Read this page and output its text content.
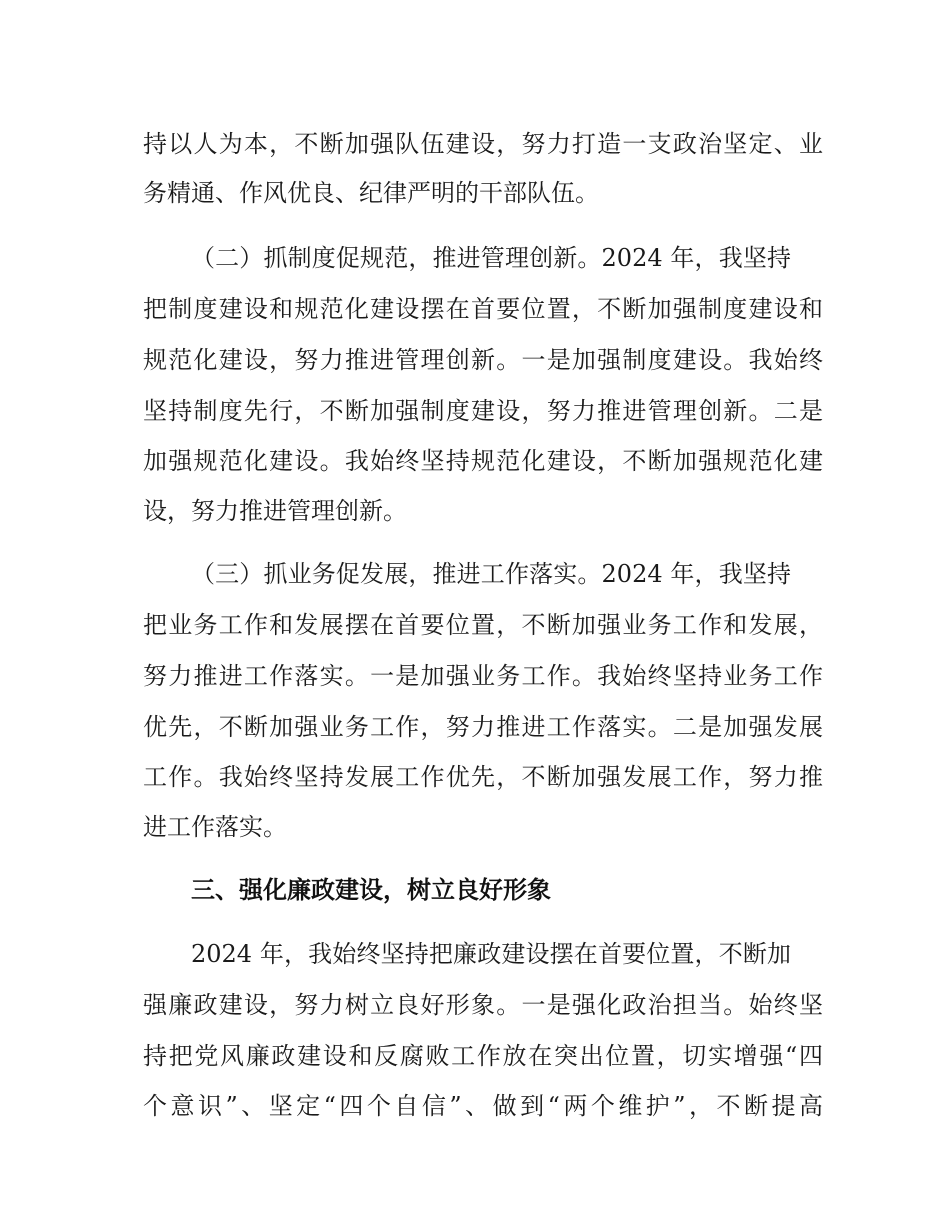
持以人为本，不断加强队伍建设，努力打造一支政治坚定、业
务精通、作风优良、纪律严明的干部队伍。
（二）抓制度促规范，推进管理创新。2024 年，我坚持
把制度建设和规范化建设摆在首要位置，不断加强制度建设和
规范化建设，努力推进管理创新。一是加强制度建设。我始终
坚持制度先行，不断加强制度建设，努力推进管理创新。二是
加强规范化建设。我始终坚持规范化建设，不断加强规范化建
设，努力推进管理创新。
（三）抓业务促发展，推进工作落实。2024 年，我坚持
把业务工作和发展摆在首要位置，不断加强业务工作和发展，
努力推进工作落实。一是加强业务工作。我始终坚持业务工作
优先，不断加强业务工作，努力推进工作落实。二是加强发展
工作。我始终坚持发展工作优先，不断加强发展工作，努力推
进工作落实。
三、强化廉政建设，树立良好形象
2024 年，我始终坚持把廉政建设摆在首要位置，不断加
强廉政建设，努力树立良好形象。一是强化政治担当。始终坚
持把党风廉政建设和反腐败工作放在突出位置，切实增强“四
个意识”、坚定“四个自信”、做到“两个维护”，不断提高
